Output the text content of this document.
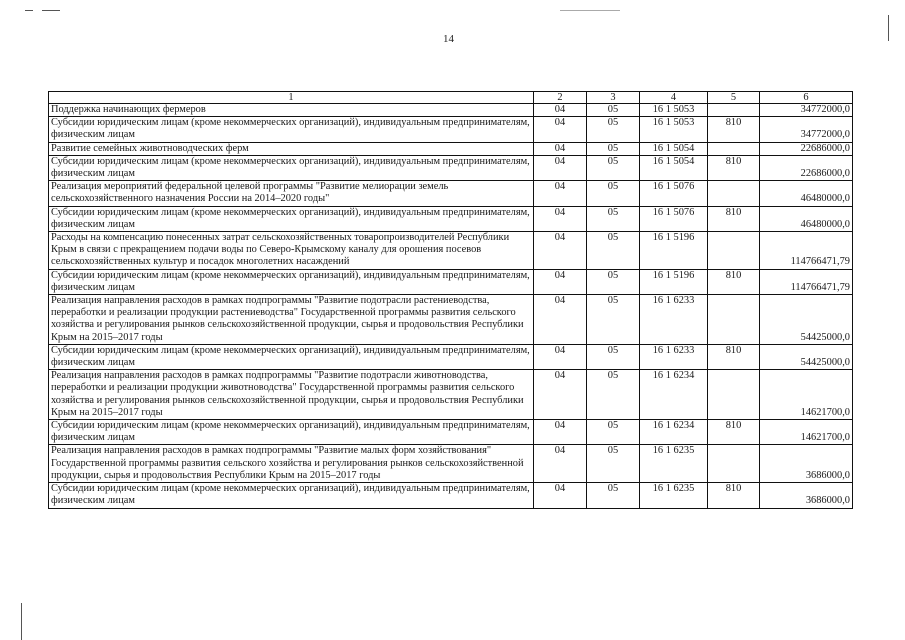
14
1	2	3	4	5	6
Поддержка начинающих фермеров	04	05	16 1 5053		34772000,0
Субсидии юридическим лицам (кроме некоммерческих организаций), индивидуальным предпринимателям, физическим лицам	04	05	16 1 5053	810	34772000,0
Развитие семейных животноводческих ферм	04	05	16 1 5054		22686000,0
Субсидии юридическим лицам (кроме некоммерческих организаций), индивидуальным предпринимателям, физическим лицам	04	05	16 1 5054	810	22686000,0
Реализация мероприятий федеральной целевой программы "Развитие мелиорации земель сельскохозяйственного назначения России на 2014–2020 годы"	04	05	16 1 5076		46480000,0
Субсидии юридическим лицам (кроме некоммерческих организаций), индивидуальным предпринимателям, физическим лицам	04	05	16 1 5076	810	46480000,0
Расходы на компенсацию понесенных затрат сельскохозяйственных товаропроизводителей Республики Крым в связи с прекращением подачи воды по Северо-Крымскому каналу для орошения посевов сельскохозяйственных культур и посадок многолетних насаждений	04	05	16 1 5196		114766471,79
Субсидии юридическим лицам (кроме некоммерческих организаций), индивидуальным предпринимателям, физическим лицам	04	05	16 1 5196	810	114766471,79
Реализация направления расходов в рамках подпрограммы "Развитие подотрасли растениеводства, переработки и реализации продукции растениеводства" Государственной программы развития сельского хозяйства и регулирования рынков сельскохозяйственной продукции, сырья и продовольствия Республики Крым на 2015–2017 годы	04	05	16 1 6233		54425000,0
Субсидии юридическим лицам (кроме некоммерческих организаций), индивидуальным предпринимателям, физическим лицам	04	05	16 1 6233	810	54425000,0
Реализация направления расходов в рамках подпрограммы "Развитие подотрасли животноводства, переработки и реализации продукции животноводства" Государственной программы развития сельского хозяйства и регулирования рынков сельскохозяйственной продукции, сырья и продовольствия Республики Крым на 2015–2017 годы	04	05	16 1 6234		14621700,0
Субсидии юридическим лицам (кроме некоммерческих организаций), индивидуальным предпринимателям, физическим лицам	04	05	16 1 6234	810	14621700,0
Реализация направления расходов в рамках подпрограммы "Развитие малых форм хозяйствования" Государственной программы развития сельского хозяйства и регулирования рынков сельскохозяйственной продукции, сырья и продовольствия Республики Крым на 2015–2017 годы	04	05	16 1 6235		3686000,0
Субсидии юридическим лицам (кроме некоммерческих организаций), индивидуальным предпринимателям, физическим лицам	04	05	16 1 6235	810	3686000,0
